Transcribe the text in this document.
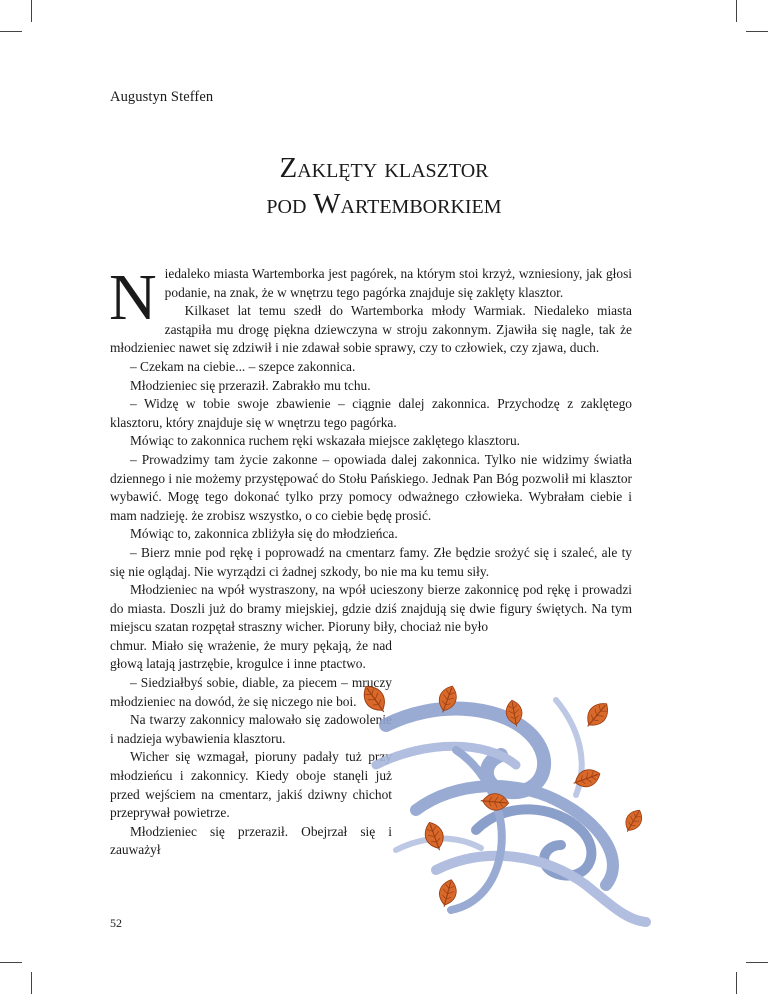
Augustyn Steffen
Zaklęty klasztor
pod Wartemborkiem

Niedaleko miasta Wartemborka jest pagórek, na którym stoi krzyż, wzniesiony, jak głosi podanie, na znak, że w wnętrzu tego pagórka znajduje się zaklęty klasztor.

Kilkaset lat temu szedł do Wartemborka młody Warmiak. Niedaleko miasta zastąpiła mu drogę piękna dziewczyna w stroju zakonnym. Zjawiła się nagle, tak że młodzieniec nawet się zdziwił i nie zdawał sobie sprawy, czy to człowiek, czy zjawa, duch.

– Czekam na ciebie... – szepce zakonnica.

Młodzieniec się przeraził. Zabrakło mu tchu.

– Widzę w tobie swoje zbawienie – ciągnie dalej zakonnica. Przychodzę z zaklętego klasztoru, który znajduje się w wnętrzu tego pagórka.

Mówiąc to zakonnica ruchem ręki wskazała miejsce zaklętego klasztoru.

– Prowadzimy tam życie zakonne – opowiada dalej zakonnica. Tylko nie widzimy światła dziennego i nie możemy przystępować do Stołu Pańskiego. Jednak Pan Bóg pozwolił mi klasztor wybawić. Mogę tego dokonać tylko przy pomocy odważnego człowieka. Wybrałam ciebie i mam nadzieję. że zrobisz wszystko, o co ciebie będę prosić.

Mówiąc to, zakonnica zbliżyła się do młodzieńca.

– Bierz mnie pod rękę i poprowadź na cmentarz famy. Złe będzie srożyć się i szaleć, ale ty się nie oglądaj. Nie wyrządzi ci żadnej szkody, bo nie ma ku temu siły.

Młodzieniec na wpół wystraszony, na wpół ucieszony bierze zakonnicę pod rękę i prowadzi do miasta. Doszli już do bramy miejskiej, gdzie dziś znajdują się dwie figury świętych. Na tym miejscu szatan rozpętał straszny wicher. Pioruny biły, chociaż nie było

chmur. Miało się wrażenie, że mury pękają, że nad głową latają jastrzębie, krogulce i inne ptactwo.

– Siedziałbyś sobie, diable, za piecem – mruczy młodzieniec na dowód, że się niczego nie boi.

Na twarzy zakonnicy malowało się zadowolenie i nadzieja wybawienia klasztoru.

Wicher się wzmagał, pioruny padały tuż przy młodzieńcu i zakonnicy. Kiedy oboje stanęli już przed wejściem na cmentarz, jakiś dziwny chichot przeprywał powietrze.

Młodzieniec się przeraził. Obejrzał się i zauważył

52
